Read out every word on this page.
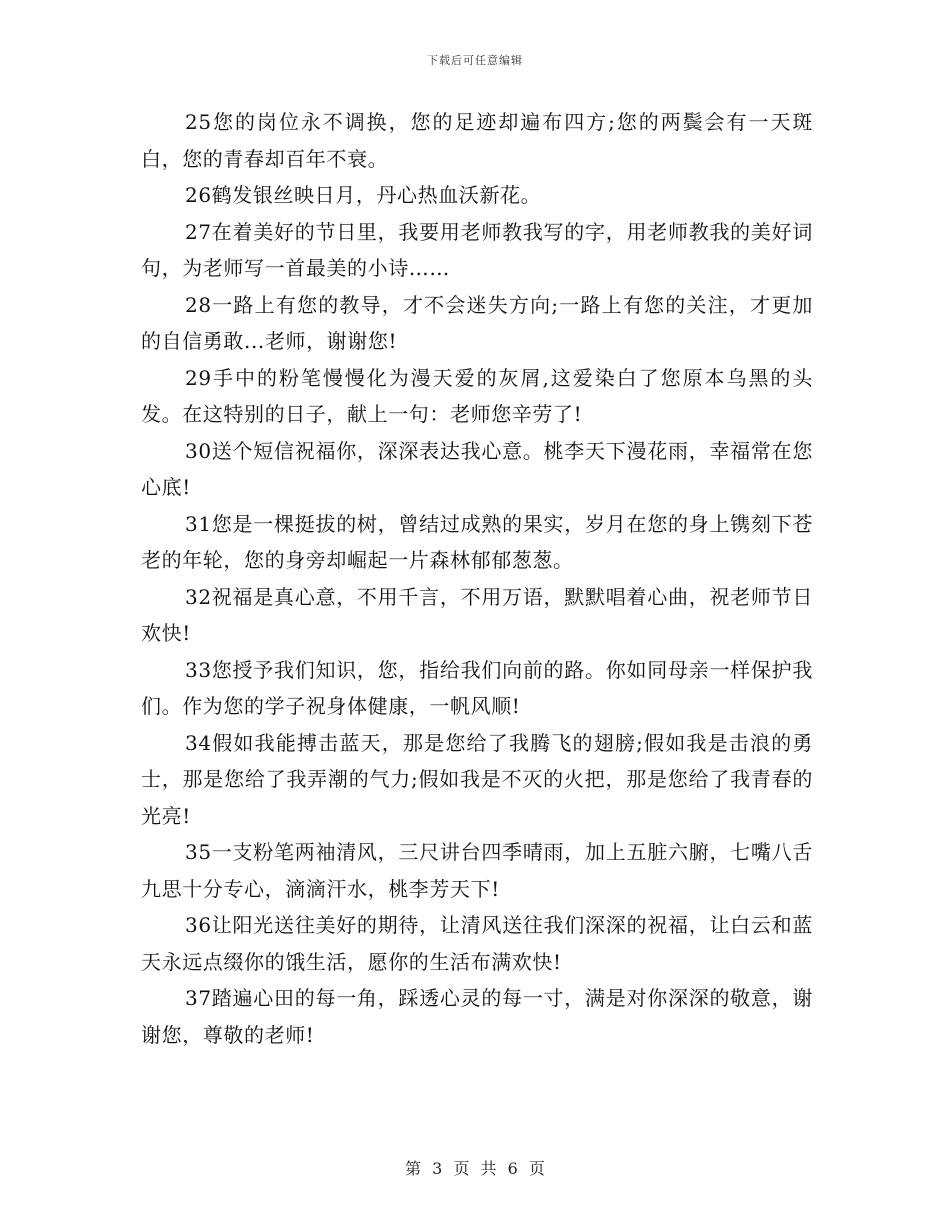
下载后可任意编辑

25您的岗位永不调换，您的足迹却遍布四方;您的两鬓会有一天斑白，您的青春却百年不衰。

26鹤发银丝映日月，丹心热血沃新花。

27在着美好的节日里，我要用老师教我写的字，用老师教我的美好词句，为老师写一首最美的小诗……

28一路上有您的教导，才不会迷失方向;一路上有您的关注，才更加的自信勇敢...老师，谢谢您!

29手中的粉笔慢慢化为漫天爱的灰屑,这爱染白了您原本乌黑的头发。在这特别的日子，献上一句：老师您辛劳了!

30送个短信祝福你，深深表达我心意。桃李天下漫花雨，幸福常在您心底!

31您是一棵挺拔的树，曾结过成熟的果实，岁月在您的身上镌刻下苍老的年轮，您的身旁却崛起一片森林郁郁葱葱。

32祝福是真心意，不用千言，不用万语，默默唱着心曲，祝老师节日欢快!

33您授予我们知识，您，指给我们向前的路。你如同母亲一样保护我们。作为您的学子祝身体健康，一帆风顺!

34假如我能搏击蓝天，那是您给了我腾飞的翅膀;假如我是击浪的勇士，那是您给了我弄潮的气力;假如我是不灭的火把，那是您给了我青春的光亮!

35一支粉笔两袖清风，三尺讲台四季晴雨，加上五脏六腑，七嘴八舌九思十分专心，滴滴汗水，桃李芳天下!

36让阳光送往美好的期待，让清风送往我们深深的祝福，让白云和蓝天永远点缀你的饿生活，愿你的生活布满欢快!

37踏遍心田的每一角，踩透心灵的每一寸，满是对你深深的敬意，谢谢您，尊敬的老师!

第 3 页 共 6 页
